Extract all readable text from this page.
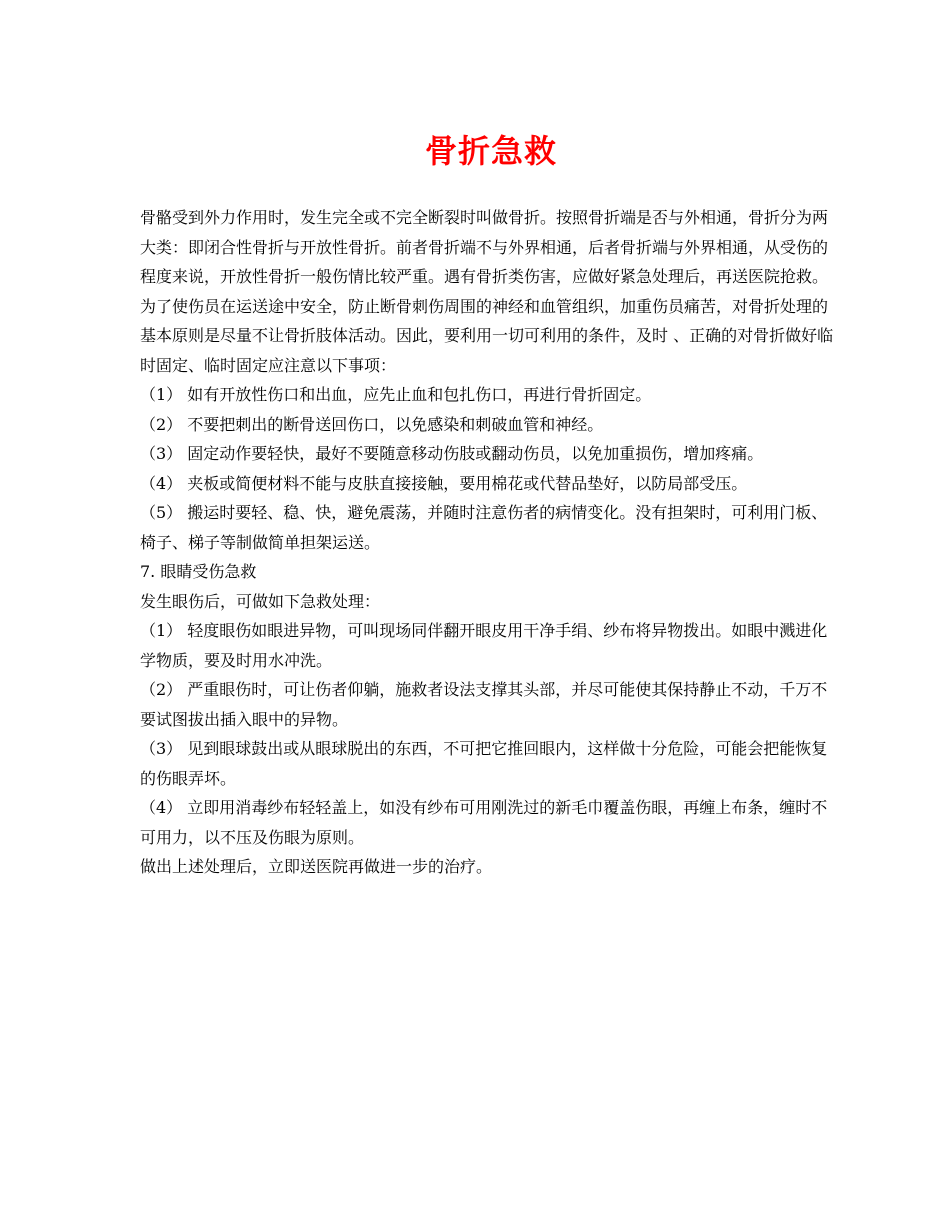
骨折急救

骨骼受到外力作用时，发生完全或不完全断裂时叫做骨折。按照骨折端是否与外相通，骨折分为两大类：即闭合性骨折与开放性骨折。前者骨折端不与外界相通，后者骨折端与外界相通，从受伤的程度来说，开放性骨折一般伤情比较严重。遇有骨折类伤害，应做好紧急处理后，再送医院抢救。

为了使伤员在运送途中安全，防止断骨刺伤周围的神经和血管组织，加重伤员痛苦，对骨折处理的基本原则是尽量不让骨折肢体活动。因此，要利用一切可利用的条件，及时 、正确的对骨折做好临时固定、临时固定应注意以下事项：

（1） 如有开放性伤口和出血，应先止血和包扎伤口，再进行骨折固定。

（2） 不要把刺出的断骨送回伤口，以免感染和刺破血管和神经。

（3） 固定动作要轻快，最好不要随意移动伤肢或翻动伤员，以免加重损伤，增加疼痛。

（4） 夹板或简便材料不能与皮肤直接接触，要用棉花或代替品垫好，以防局部受压。

（5） 搬运时要轻、稳、快，避免震荡，并随时注意伤者的病情变化。没有担架时，可利用门板、椅子、梯子等制做简单担架运送。

7. 眼睛受伤急救

发生眼伤后，可做如下急救处理：

（1） 轻度眼伤如眼进异物，可叫现场同伴翻开眼皮用干净手绢、纱布将异物拨出。如眼中溅进化学物质，要及时用水冲洗。

（2） 严重眼伤时，可让伤者仰躺，施救者设法支撑其头部，并尽可能使其保持静止不动，千万不要试图拔出插入眼中的异物。

（3） 见到眼球鼓出或从眼球脱出的东西，不可把它推回眼内，这样做十分危险，可能会把能恢复的伤眼弄坏。

（4） 立即用消毒纱布轻轻盖上，如没有纱布可用刚洗过的新毛巾覆盖伤眼，再缠上布条，缠时不可用力，以不压及伤眼为原则。

做出上述处理后，立即送医院再做进一步的治疗。
